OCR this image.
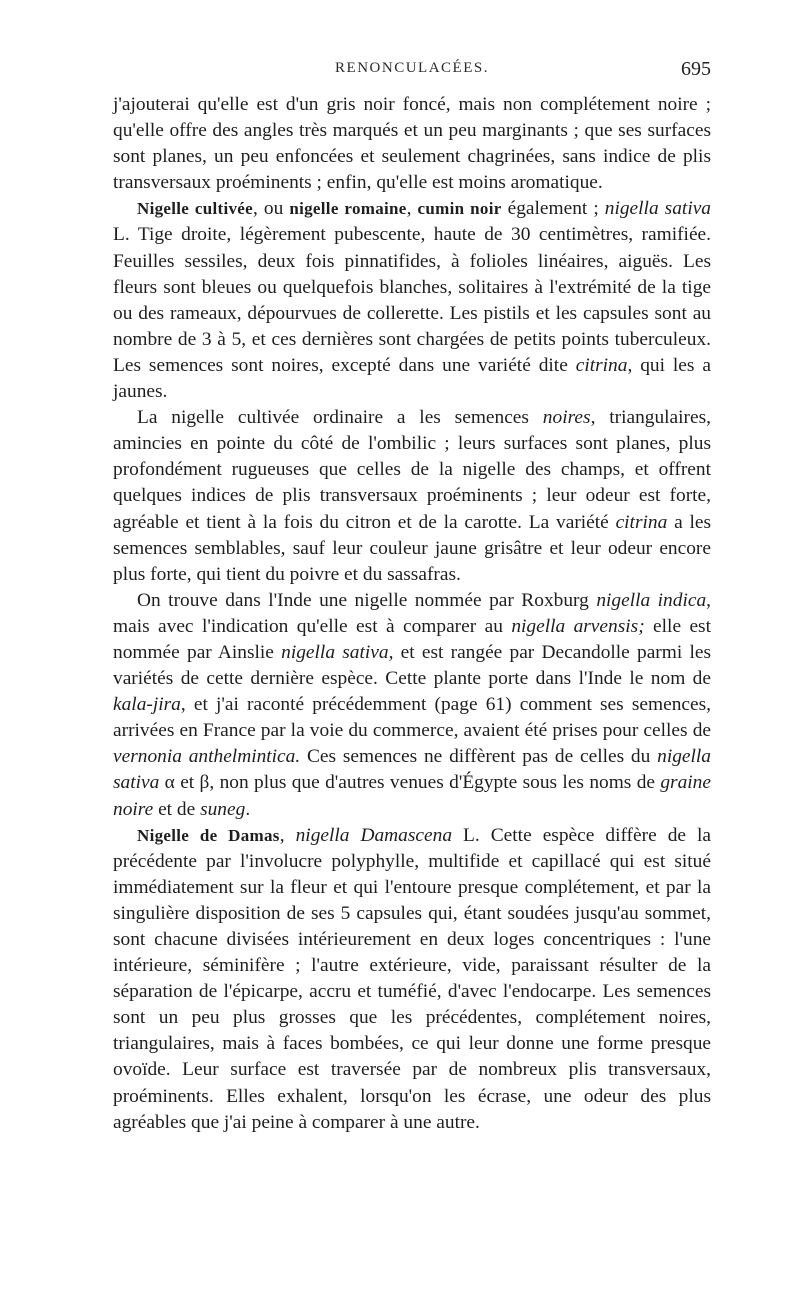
RENONCULACÉES.	695

j'ajouterai qu'elle est d'un gris noir foncé, mais non complétement noire ; qu'elle offre des angles très marqués et un peu marginants ; que ses surfaces sont planes, un peu enfoncées et seulement chagrinées, sans indice de plis transversaux proéminents ; enfin, qu'elle est moins aromatique.

Nigelle cultivée, ou nigelle romaine, cumin noir également ; nigella sativa L. Tige droite, légèrement pubescente, haute de 30 centimètres, ramifiée. Feuilles sessiles, deux fois pinnatifides, à folioles linéaires, aiguës. Les fleurs sont bleues ou quelquefois blanches, solitaires à l'extrémité de la tige ou des rameaux, dépourvues de collerette. Les pistils et les capsules sont au nombre de 3 à 5, et ces dernières sont chargées de petits points tuberculeux. Les semences sont noires, excepté dans une variété dite citrina, qui les a jaunes.

La nigelle cultivée ordinaire a les semences noires, triangulaires, amincies en pointe du côté de l'ombilic ; leurs surfaces sont planes, plus profondément rugueuses que celles de la nigelle des champs, et offrent quelques indices de plis transversaux proéminents ; leur odeur est forte, agréable et tient à la fois du citron et de la carotte. La variété citrina a les semences semblables, sauf leur couleur jaune grisâtre et leur odeur encore plus forte, qui tient du poivre et du sassafras.

On trouve dans l'Inde une nigelle nommée par Roxburg nigella indica, mais avec l'indication qu'elle est à comparer au nigella arvensis; elle est nommée par Ainslie nigella sativa, et est rangée par Decandolle parmi les variétés de cette dernière espèce. Cette plante porte dans l'Inde le nom de kala-jira, et j'ai raconté précédemment (page 61) comment ses semences, arrivées en France par la voie du commerce, avaient été prises pour celles de vernonia anthelmintica. Ces semences ne diffèrent pas de celles du nigella sativa α et β, non plus que d'autres venues d'Égypte sous les noms de graine noire et de suneg.

Nigelle de Damas, nigella Damascena L. Cette espèce diffère de la précédente par l'involucre polyphylle, multifide et capillacé qui est situé immédiatement sur la fleur et qui l'entoure presque complétement, et par la singulière disposition de ses 5 capsules qui, étant soudées jusqu'au sommet, sont chacune divisées intérieurement en deux loges concentriques : l'une intérieure, séminifère ; l'autre extérieure, vide, paraissant résulter de la séparation de l'épicarpe, accru et tuméfié, d'avec l'endocarpe. Les semences sont un peu plus grosses que les précédentes, complétement noires, triangulaires, mais à faces bombées, ce qui leur donne une forme presque ovoïde. Leur surface est traversée par de nombreux plis transversaux, proéminents. Elles exhalent, lorsqu'on les écrase, une odeur des plus agréables que j'ai peine à comparer à une autre.
